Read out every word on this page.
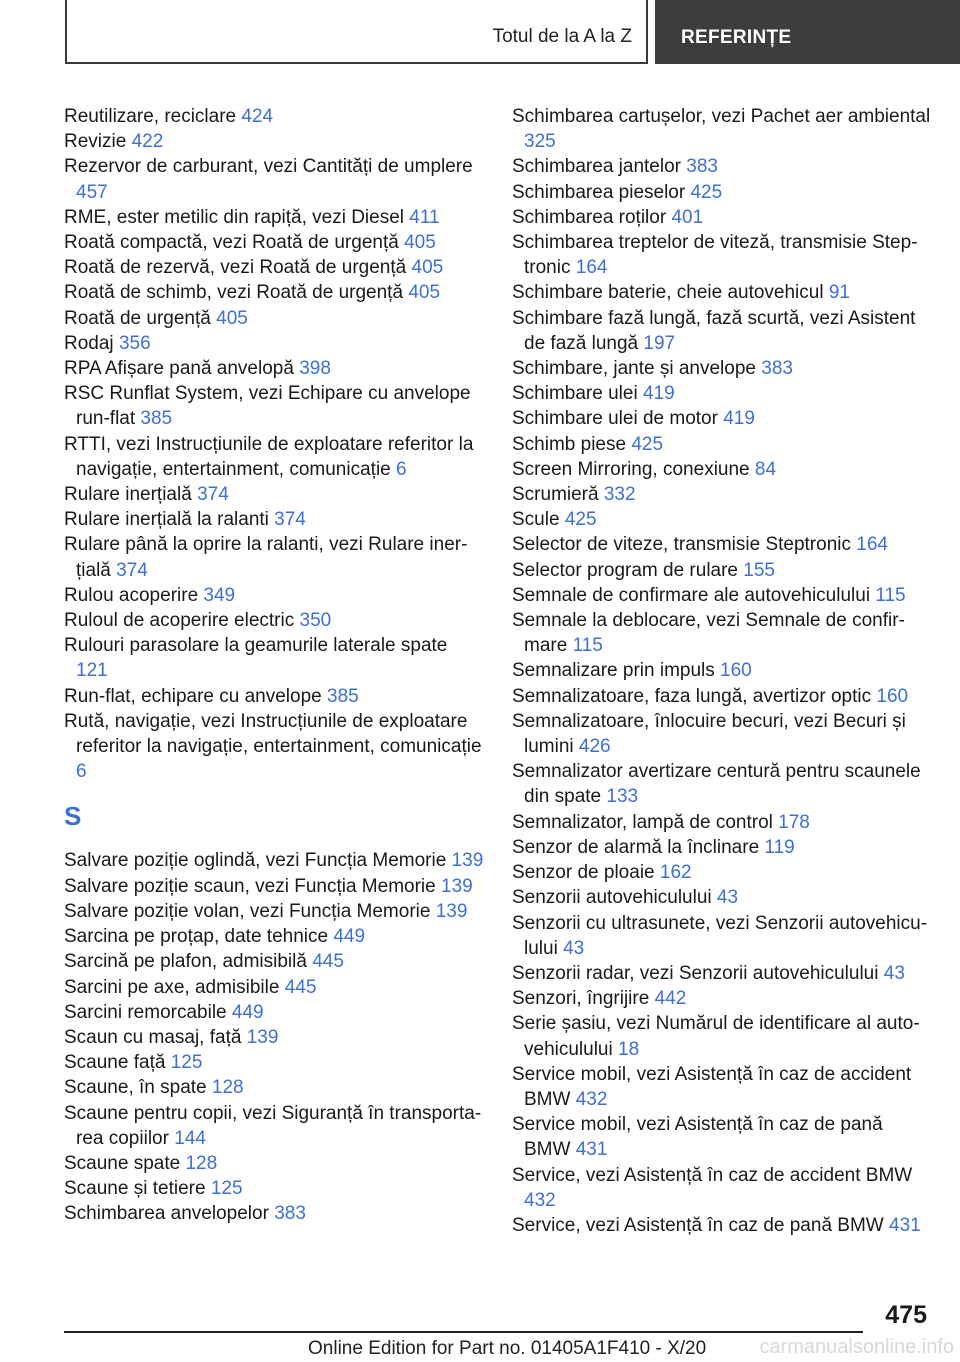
Totul de la A la Z	REFERINȚE

Reutilizare, reciclare 424

Revizie 422

Rezervor de carburant, vezi Cantități de umplere 457

RME, ester metilic din rapiță, vezi Diesel 411

Roată compactă, vezi Roată de urgență 405

Roată de rezervă, vezi Roată de urgență 405

Roată de schimb, vezi Roată de urgență 405

Roată de urgență 405

Rodaj 356

RPA Afișare pană anvelopă 398

RSC Runflat System, vezi Echipare cu anvelope run-flat 385

RTTI, vezi Instrucțiunile de exploatare referitor la navigație, entertainment, comunicație 6

Rulare inerțială 374

Rulare inerțială la ralanti 374

Rulare până la oprire la ralanti, vezi Rulare inerțială 374

Rulou acoperire 349

Ruloul de acoperire electric 350

Rulouri parasolare la geamurile laterale spate 121

Run-flat, echipare cu anvelope 385

Rută, navigație, vezi Instrucțiunile de exploatare referitor la navigație, entertainment, comunicație 6

S

Salvare poziție oglindă, vezi Funcția Memorie 139

Salvare poziție scaun, vezi Funcția Memorie 139

Salvare poziție volan, vezi Funcția Memorie 139

Sarcina pe proțap, date tehnice 449

Sarcină pe plafon, admisibilă 445

Sarcini pe axe, admisibile 445

Sarcini remorcabile 449

Scaun cu masaj, față 139

Scaune față 125

Scaune, în spate 128

Scaune pentru copii, vezi Siguranță în transportarea copiilor 144

Scaune spate 128

Scaune și tetiere 125

Schimbarea anvelopelor 383

Schimbarea cartușelor, vezi Pachet aer ambiental 325

Schimbarea jantelor 383

Schimbarea pieselor 425

Schimbarea roților 401

Schimbarea treptelor de viteză, transmisie Steptronic 164

Schimbare baterie, cheie autovehicul 91

Schimbare fază lungă, fază scurtă, vezi Asistent de fază lungă 197

Schimbare, jante și anvelope 383

Schimbare ulei 419

Schimbare ulei de motor 419

Schimb piese 425

Screen Mirroring, conexiune 84

Scrumieră 332

Scule 425

Selector de viteze, transmisie Steptronic 164

Selector program de rulare 155

Semnale de confirmare ale autovehiculului 115

Semnale la deblocare, vezi Semnale de confirmare 115

Semnalizare prin impuls 160

Semnalizatoare, faza lungă, avertizor optic 160

Semnalizatoare, înlocuire becuri, vezi Becuri și lumini 426

Semnalizator avertizare centură pentru scaunele din spate 133

Semnalizator, lampă de control 178

Senzor de alarmă la înclinare 119

Senzor de ploaie 162

Senzorii autovehiculului 43

Senzorii cu ultrasunete, vezi Senzorii autovehiculului 43

Senzorii radar, vezi Senzorii autovehiculului 43

Senzori, îngrijire 442

Serie șasiu, vezi Numărul de identificare al autovehiculului 18

Service mobil, vezi Asistență în caz de accident BMW 432

Service mobil, vezi Asistență în caz de pană BMW 431

Service, vezi Asistență în caz de accident BMW 432

Service, vezi Asistență în caz de pană BMW 431

475
Online Edition for Part no. 01405A1F410 - X/20	carmanualsonline.info
